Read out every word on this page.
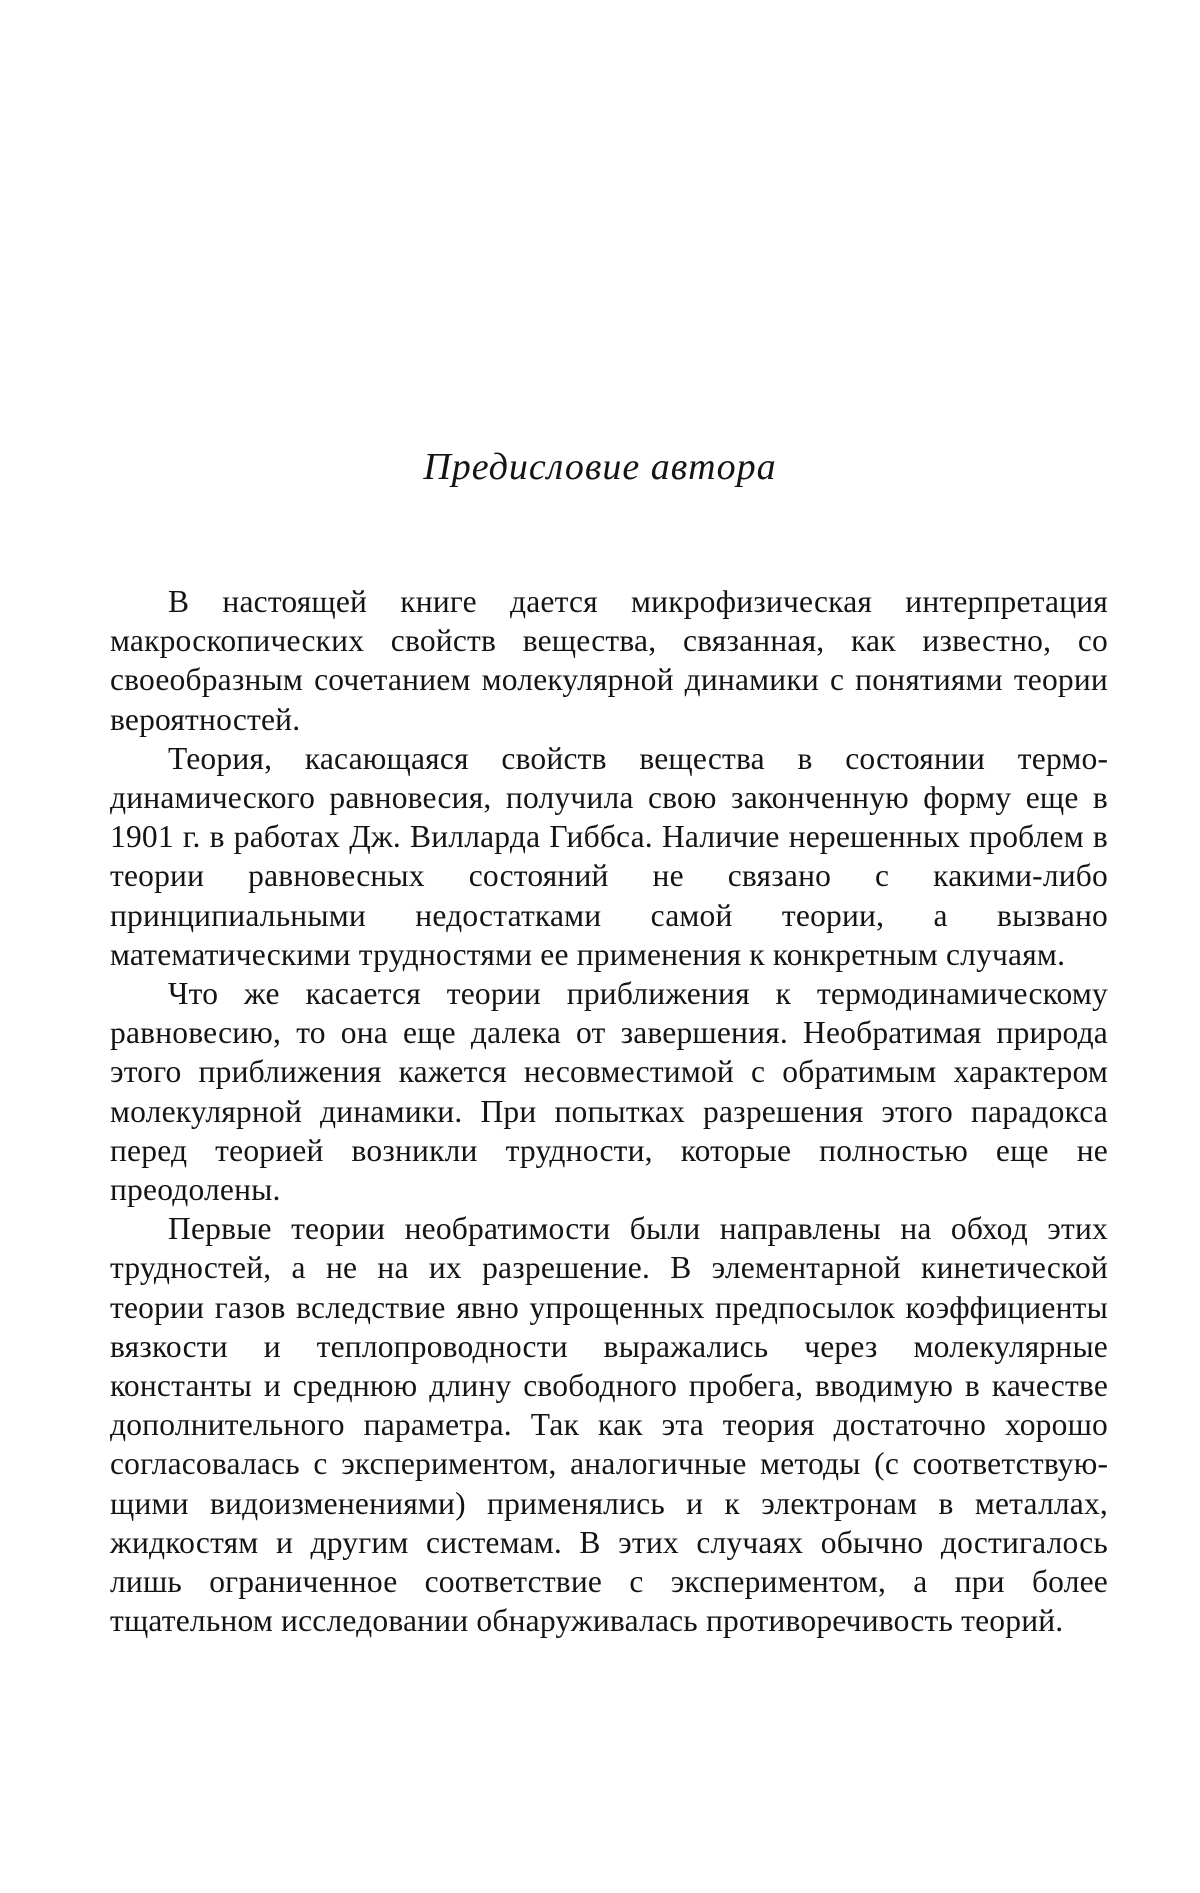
Предисловие автора

В настоящей книге дается микрофизическая интерпретация макроскопических свойств вещества, связанная, как известно, со своеобразным сочетанием молекулярной динамики с понятиями теории вероятностей.

Теория, касающаяся свойств вещества в состоянии термодинамического равновесия, получила свою законченную форму еще в 1901 г. в работах Дж. Вилларда Гиббса. Наличие нерешенных проблем в теории равновесных состояний не связано с какими-либо принципиальными недостатками самой теории, а вызвано математическими трудностями ее применения к конкретным случаям.

Что же касается теории приближения к термодинамическому равновесию, то она еще далека от завершения. Необратимая природа этого приближения кажется несовместимой с обратимым характером молекулярной динамики. При попытках разрешения этого парадокса перед теорией возникли трудности, которые полностью еще не преодолены.

Первые теории необратимости были направлены на обход этих трудностей, а не на их разрешение. В элементарной кинетической теории газов вследствие явно упрощенных предпосылок коэффициенты вязкости и теплопроводности выражались через молекулярные константы и среднюю длину свободного пробега, вводимую в качестве дополнительного параметра. Так как эта теория достаточно хорошо согласовалась с экспериментом, аналогичные методы (с соответствующими видоизменениями) применялись и к электронам в металлах, жидкостям и другим системам. В этих случаях обычно достигалось лишь ограниченное соответствие с экспериментом, а при более тщательном исследовании обнаруживалась противоречивость теорий.
